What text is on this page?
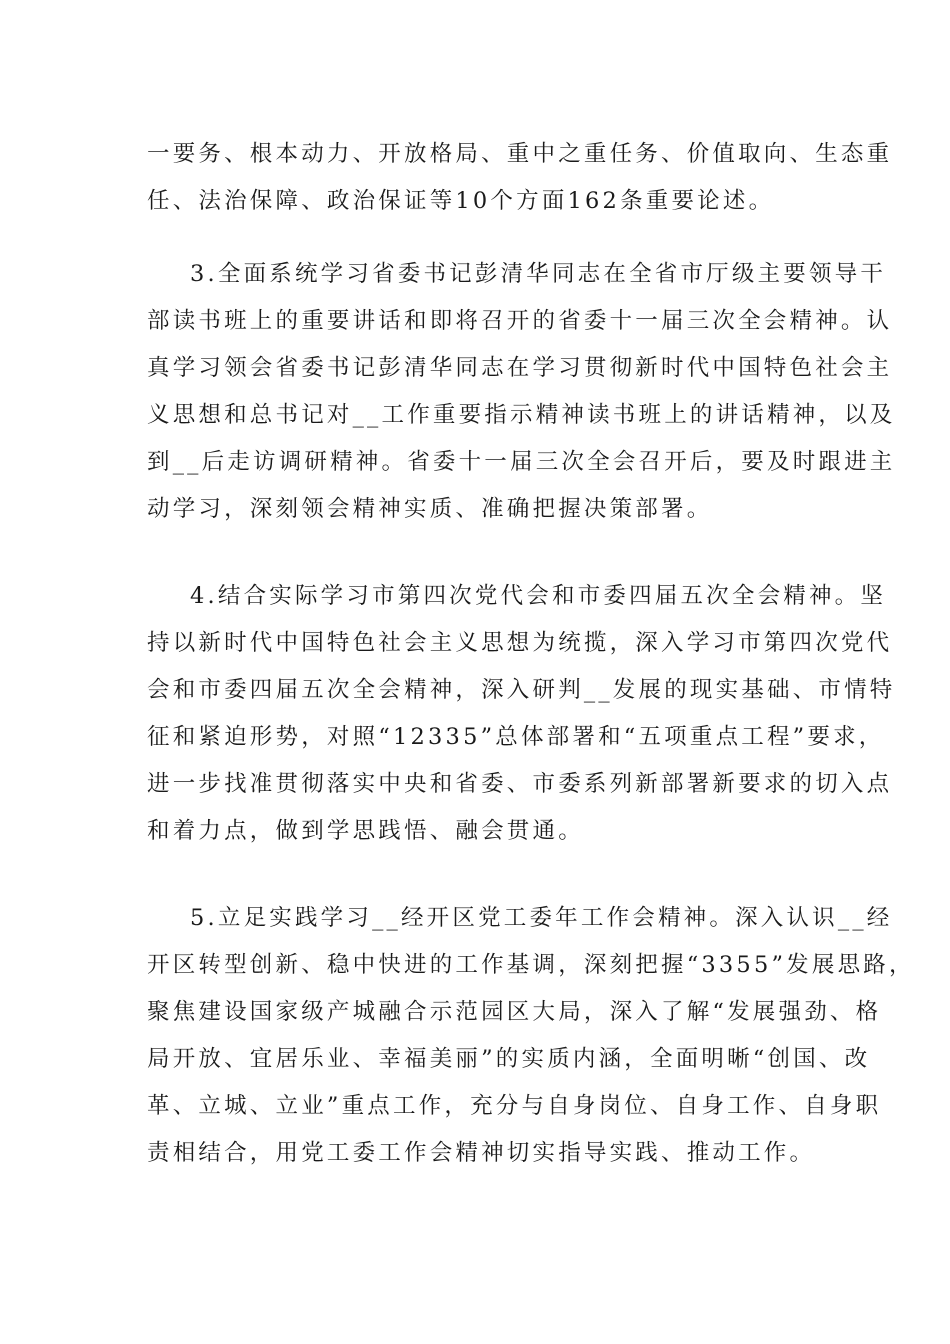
一要务、根本动力、开放格局、重中之重任务、价值取向、生态重
任、法治保障、政治保证等10个方面162条重要论述。
3.全面系统学习省委书记彭清华同志在全省市厅级主要领导干
部读书班上的重要讲话和即将召开的省委十一届三次全会精神。认
真学习领会省委书记彭清华同志在学习贯彻新时代中国特色社会主
义思想和总书记对__工作重要指示精神读书班上的讲话精神，以及
到__后走访调研精神。省委十一届三次全会召开后，要及时跟进主
动学习，深刻领会精神实质、准确把握决策部署。
4.结合实际学习市第四次党代会和市委四届五次全会精神。坚
持以新时代中国特色社会主义思想为统揽，深入学习市第四次党代
会和市委四届五次全会精神，深入研判__发展的现实基础、市情特
征和紧迫形势，对照“12335”总体部署和“五项重点工程”要求，
进一步找准贯彻落实中央和省委、市委系列新部署新要求的切入点
和着力点，做到学思践悟、融会贯通。
5.立足实践学习__经开区党工委年工作会精神。深入认识__经
开区转型创新、稳中快进的工作基调，深刻把握“3355”发展思路，
聚焦建设国家级产城融合示范园区大局，深入了解“发展强劲、格
局开放、宜居乐业、幸福美丽”的实质内涵，全面明晰“创国、改
革、立城、立业”重点工作，充分与自身岗位、自身工作、自身职
责相结合，用党工委工作会精神切实指导实践、推动工作。
